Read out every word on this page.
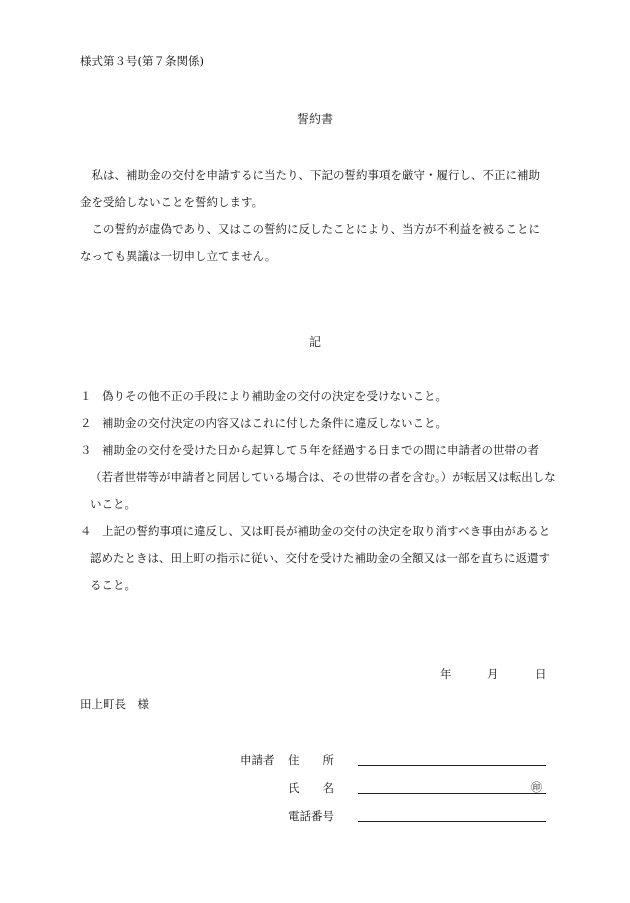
様式第３号(第７条関係)
誓約書
私は、補助金の交付を申請するに当たり、下記の誓約事項を厳守・履行し、不正に補助金を受給しないことを誓約します。
この誓約が虚偽であり、又はこの誓約に反したことにより、当方が不利益を被ることになっても異議は一切申し立てません。
記
１ 偽りその他不正の手段により補助金の交付の決定を受けないこと。
２ 補助金の交付決定の内容又はこれに付した条件に違反しないこと。
３ 補助金の交付を受けた日から起算して５年を経過する日までの間に申請者の世帯の者（若者世帯等が申請者と同居している場合は、その世帯の者を含む。）が転居又は転出しないこと。
４ 上記の誓約事項に違反し、又は町長が補助金の交付の決定を取り消すべき事由があると認めたときは、田上町の指示に従い、交付を受けた補助金の全額又は一部を直ちに返還すること。
年	月	日
田上町長　様
申請者 住　　所
氏　　名	㊞
電話番号
